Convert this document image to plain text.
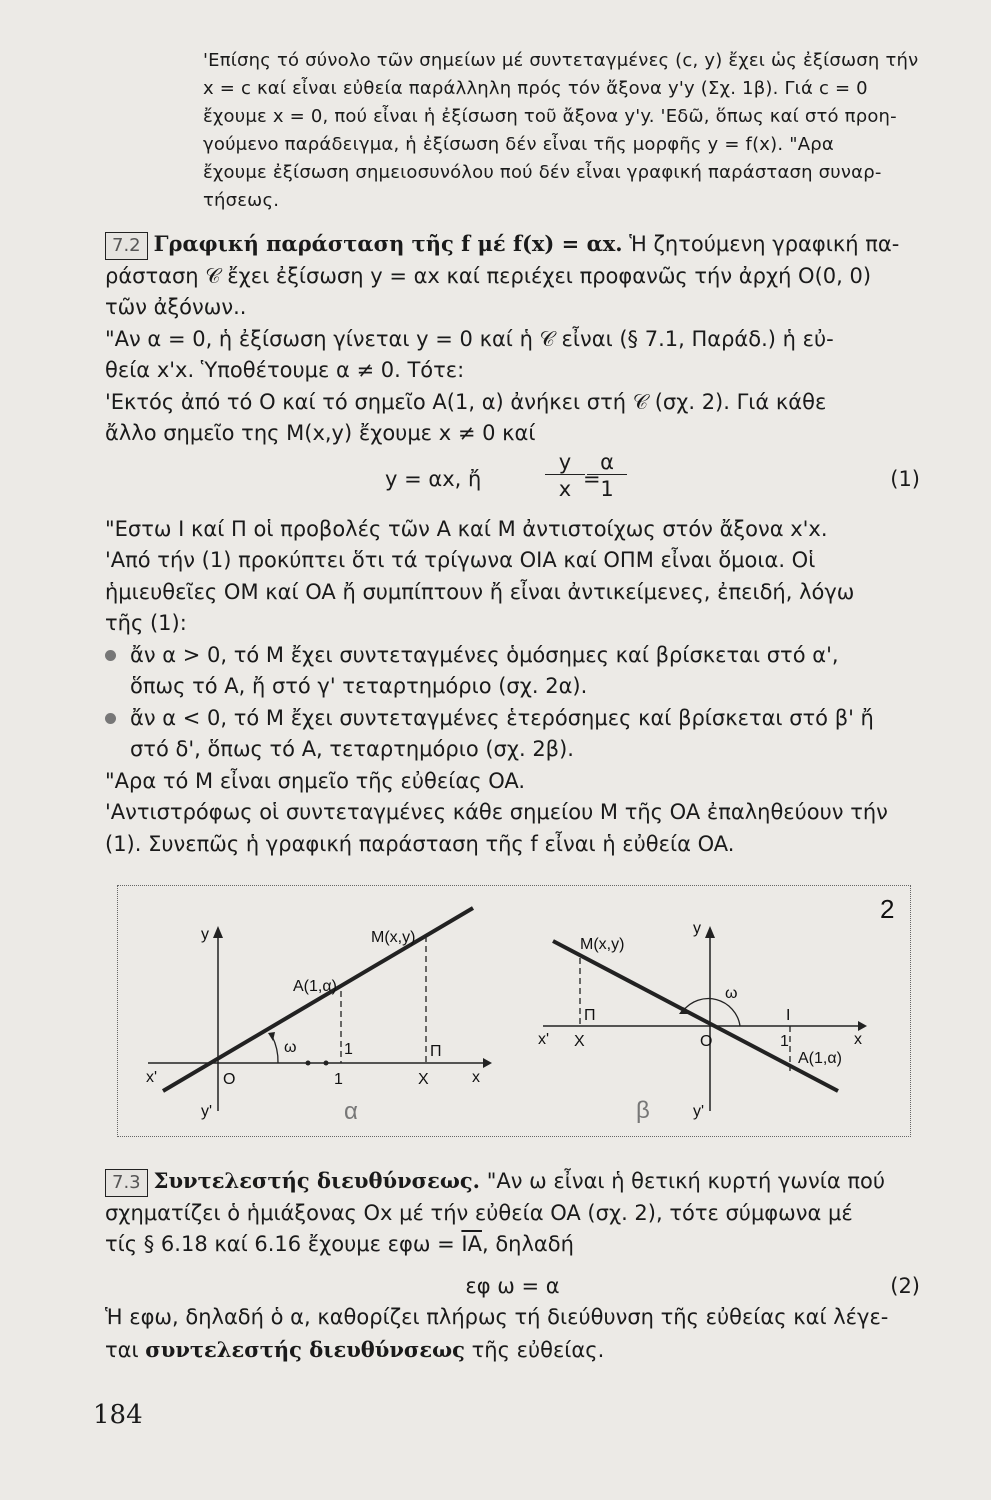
'Επίσης τό σύνολο τῶν σημείων μέ συντεταγμένες (c, y) ἔχει ὡς ἐξίσωση τήν
x = c καί εἶναι εὐθεία παράλληλη πρός τόν ἄξονα y'y (Σχ. 1β). Γιά c = 0
ἔχουμε x = 0, πού εἶναι ἡ ἐξίσωση τοῦ ἄξονα y'y. 'Εδῶ, ὅπως καί στό προη-
γούμενο παράδειγμα, ἡ ἐξίσωση δέν εἶναι τῆς μορφῆς y = f(x). "Αρα
ἔχουμε ἐξίσωση σημειοσυνόλου πού δέν εἶναι γραφική παράσταση συναρ-
τήσεως.
7.2 Γραφική παράσταση τῆς f μέ f(x) = αx. Ἡ ζητούμενη γραφική πα-
ράσταση 𝒞 ἔχει ἐξίσωση y = αx καί περιέχει προφανῶς τήν ἀρχή O(0, 0)
τῶν ἀξόνων..
"Αν α = 0, ἡ ἐξίσωση γίνεται y = 0 καί ἡ 𝒞 εἶναι (§ 7.1, Παράδ.) ἡ εὐ-
θεία x'x. Ὑποθέτουμε α ≠ 0. Τότε:
'Εκτός ἀπό τό O καί τό σημεῖο A(1, α) ἀνήκει στή 𝒞 (σχ. 2). Γιά κάθε
ἄλλο σημεῖο της M(x,y) ἔχουμε x ≠ 0 καί
y = αx, ἤ	$\frac{y}{x}$
=
α
1	(1)
"Εστω I καί Π οἱ προβολές τῶν A καί M ἀντιστοίχως στόν ἄξονα x'x.
'Από τήν (1) προκύπτει ὅτι τά τρίγωνα OIA καί OΠM εἶναι ὅμοια. Οἱ
ἡμιευθεῖες OM καί OA ἤ συμπίπτουν ἤ εἶναι ἀντικείμενες, ἐπειδή, λόγω
τῆς (1):
ἄν α > 0, τό M ἔχει συντεταγμένες ὁμόσημες καί βρίσκεται στό α',
ὅπως τό A, ἤ στό γ' τεταρτημόριο (σχ. 2α).
ἄν α < 0, τό M ἔχει συντεταγμένες ἑτερόσημες καί βρίσκεται στό β' ἤ
στό δ', ὅπως τό A, τεταρτημόριο (σχ. 2β).
"Αρα τό M εἶναι σημεῖο τῆς εὐθείας OA.
'Αντιστρόφως οἱ συντεταγμένες κάθε σημείου M τῆς OA ἐπαληθεύουν τήν
(1). Συνεπῶς ἡ γραφική παράσταση τῆς f εἶναι ἡ εὐθεία OA.
2
y
y'
x
x'	O	1	X
1	Π
A(1,α)
M(x,y)
ω
α
y
y'
x
x'	O	1
X
Π	I
A(1,α)
M(x,y)
ω
β
7.3 Συντελεστής διευθύνσεως. "Αν ω εἶναι ἡ θετική κυρτή γωνία πού
σχηματίζει ὁ ἡμιάξονας Ox μέ τήν εὐθεία OA (σχ. 2), τότε σύμφωνα μέ
τίς § 6.18 καί 6.16 ἔχουμε $\varepsilon\varphi\omega = \overline{IA}$, δηλαδή
εφ ω = α	(2)
Ἡ εφω, δηλαδή ὁ α, καθορίζει πλήρως τή διεύθυνση τῆς εὐθείας καί λέγε-
ται συντελεστής διευθύνσεως τῆς εὐθείας.
184
